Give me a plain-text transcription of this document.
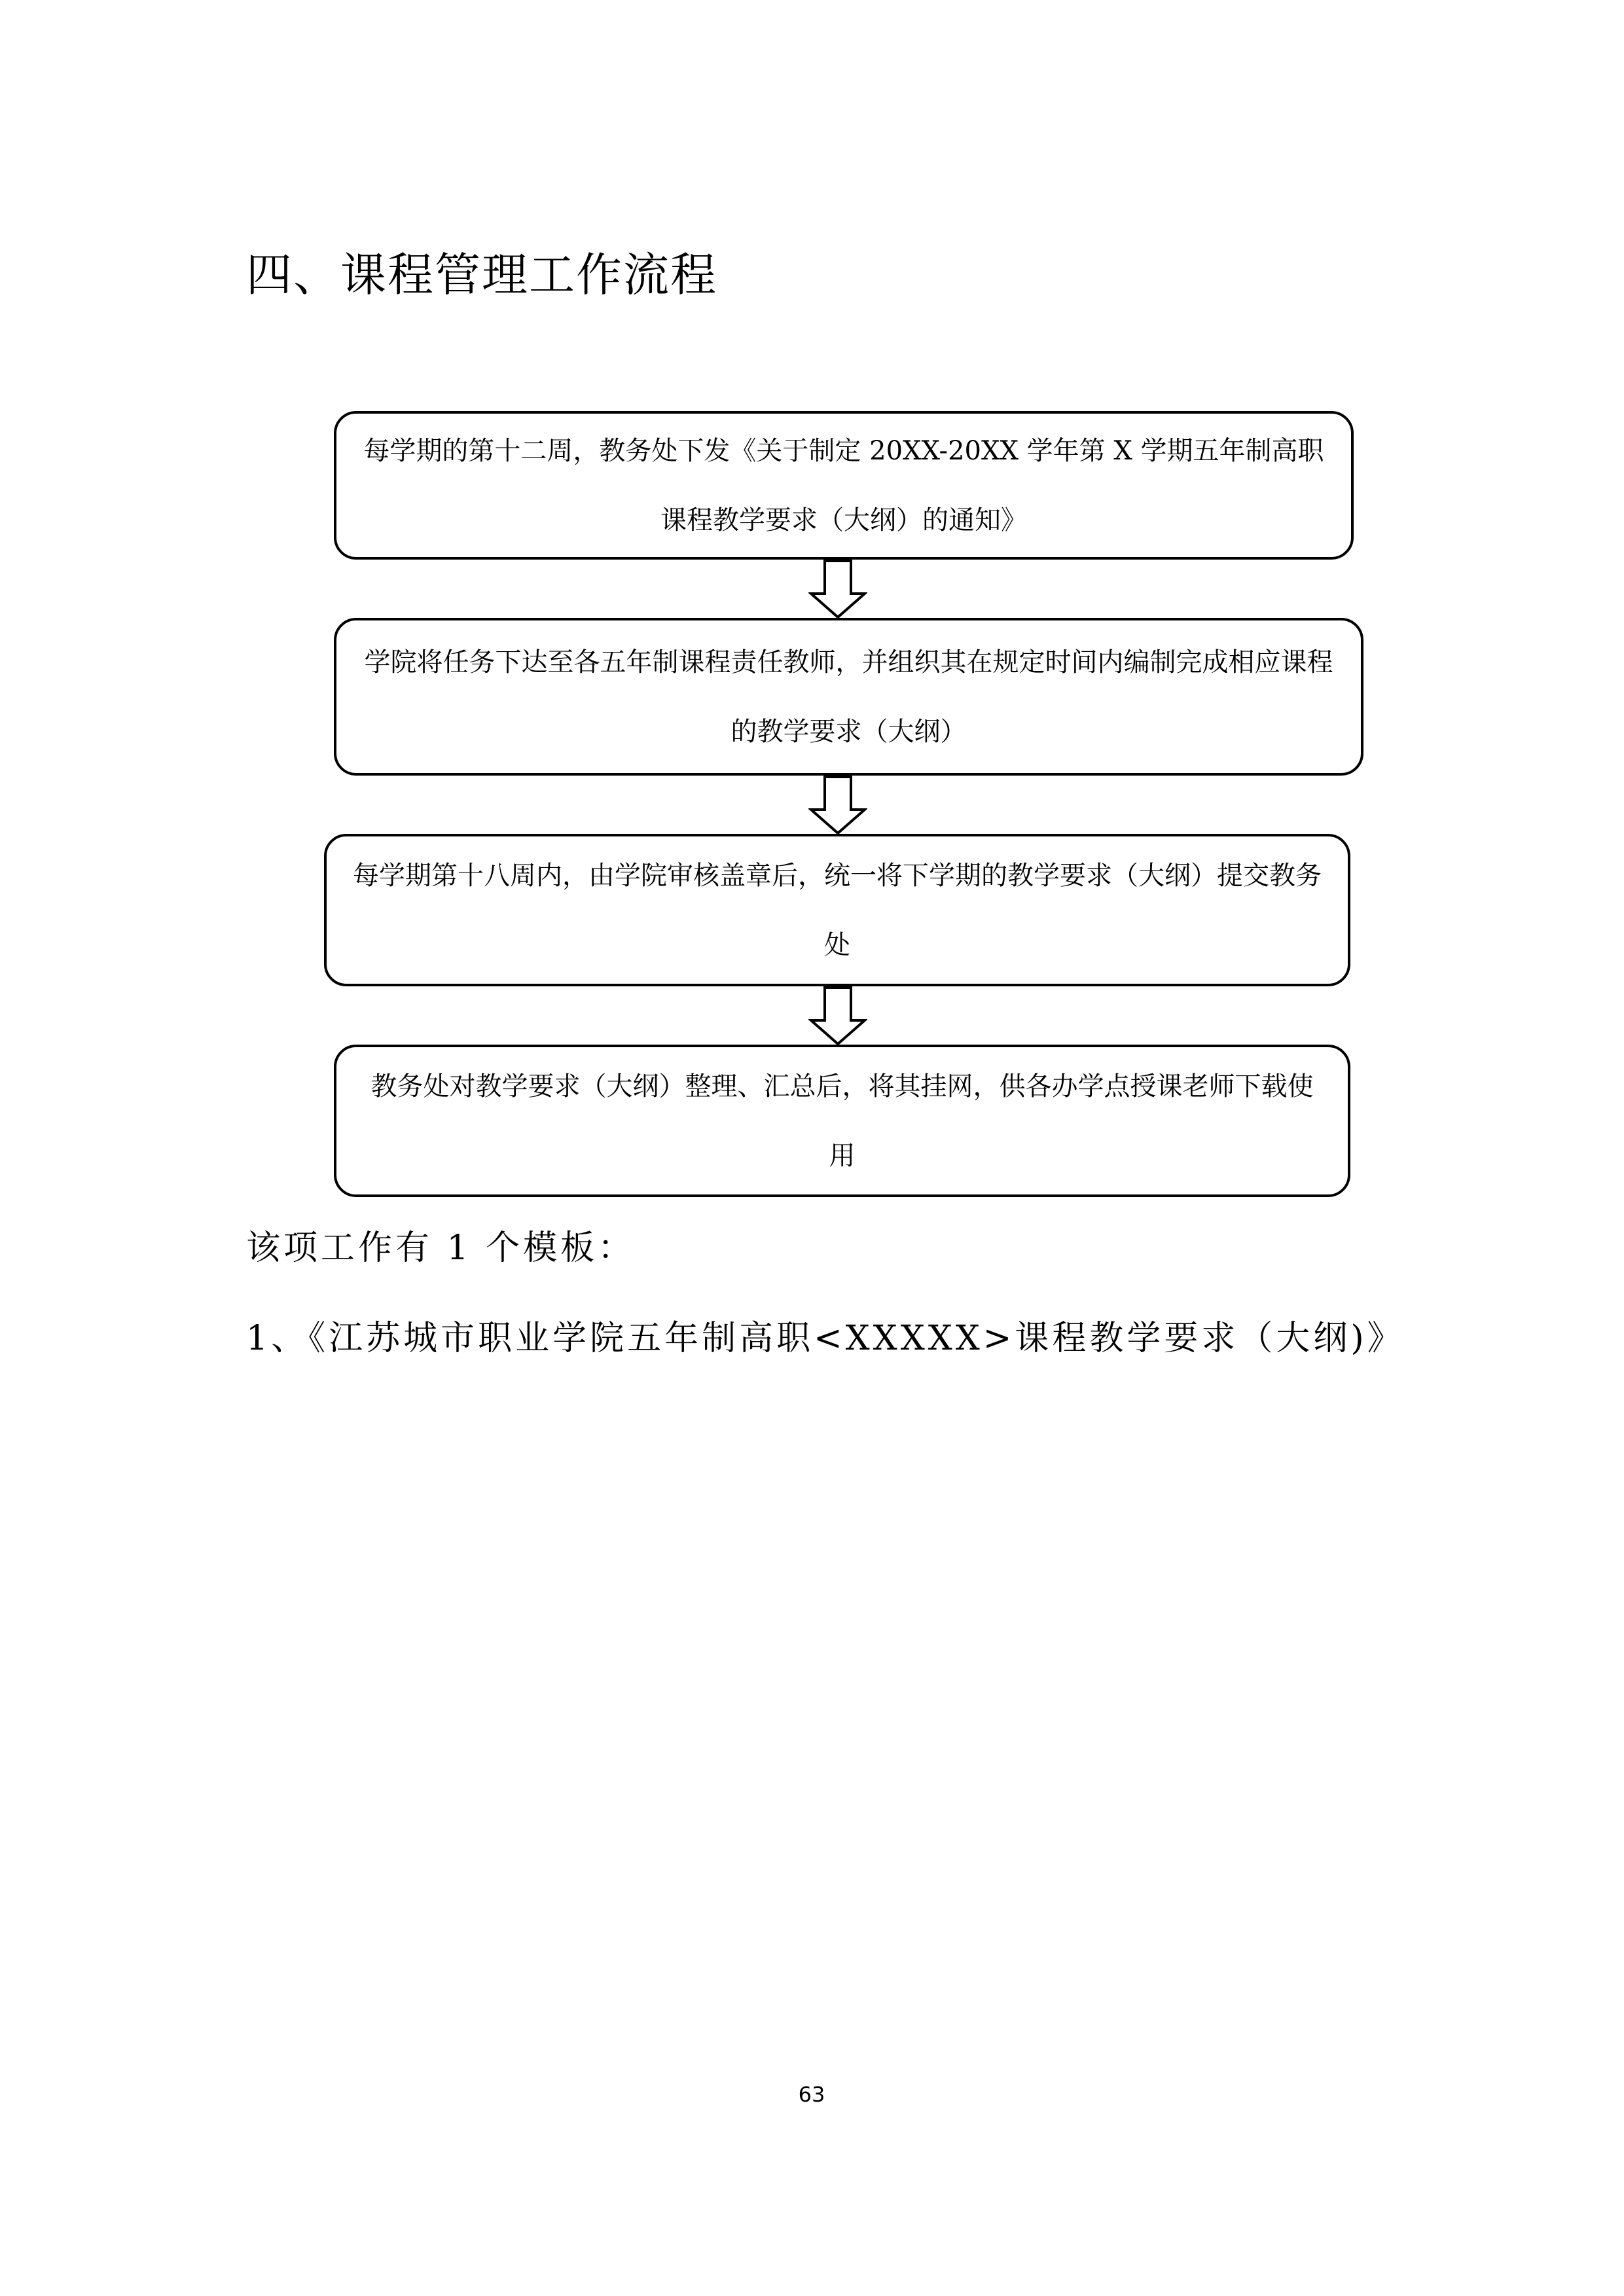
四、课程管理工作流程
每学期的第十二周，教务处下发《关于制定 20XX-20XX 学年第 X 学期五年制高职课程教学要求（大纲）的通知》
学院将任务下达至各五年制课程责任教师，并组织其在规定时间内编制完成相应课程的教学要求（大纲）
每学期第十八周内，由学院审核盖章后，统一将下学期的教学要求（大纲）提交教务处
教务处对教学要求（大纲）整理、汇总后，将其挂网，供各办学点授课老师下载使用
该项工作有 1 个模板：
1、《江苏城市职业学院五年制高职<XXXXX>课程教学要求（大纲)》
63
